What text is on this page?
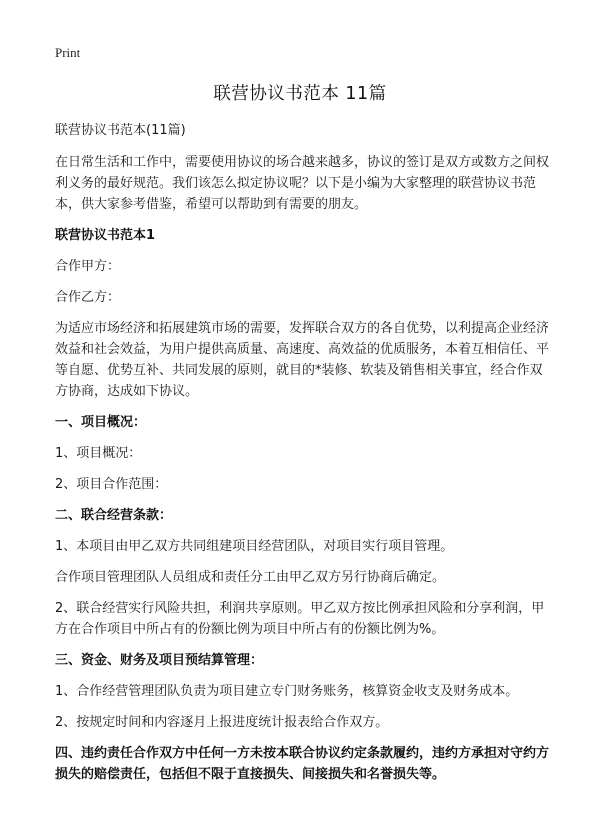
Print
联营协议书范本 11篇

联营协议书范本(11篇)

在日常生活和工作中，需要使用协议的场合越来越多，协议的签订是双方或数方之间权利义务的最好规范。我们该怎么拟定协议呢？以下是小编为大家整理的联营协议书范本，供大家参考借鉴，希望可以帮助到有需要的朋友。

联营协议书范本1

合作甲方：

合作乙方：

为适应市场经济和拓展建筑市场的需要，发挥联合双方的各自优势，以利提高企业经济效益和社会效益，为用户提供高质量、高速度、高效益的优质服务，本着互相信任、平等自愿、优势互补、共同发展的原则，就目的*装修、软装及销售相关事宜，经合作双方协商，达成如下协议。

一、项目概况：

1、项目概况：

2、项目合作范围：

二、联合经营条款：

1、本项目由甲乙双方共同组建项目经营团队，对项目实行项目管理。

合作项目管理团队人员组成和责任分工由甲乙双方另行协商后确定。

2、联合经营实行风险共担，利润共享原则。甲乙双方按比例承担风险和分享利润，甲方在合作项目中所占有的份额比例为项目中所占有的份额比例为%。

三、资金、财务及项目预结算管理：

1、合作经营管理团队负责为项目建立专门财务账务，核算资金收支及财务成本。

2、按规定时间和内容逐月上报进度统计报表给合作双方。

四、违约责任合作双方中任何一方未按本联合协议约定条款履约，违约方承担对守约方损失的赔偿责任，包括但不限于直接损失、间接损失和名誉损失等。
